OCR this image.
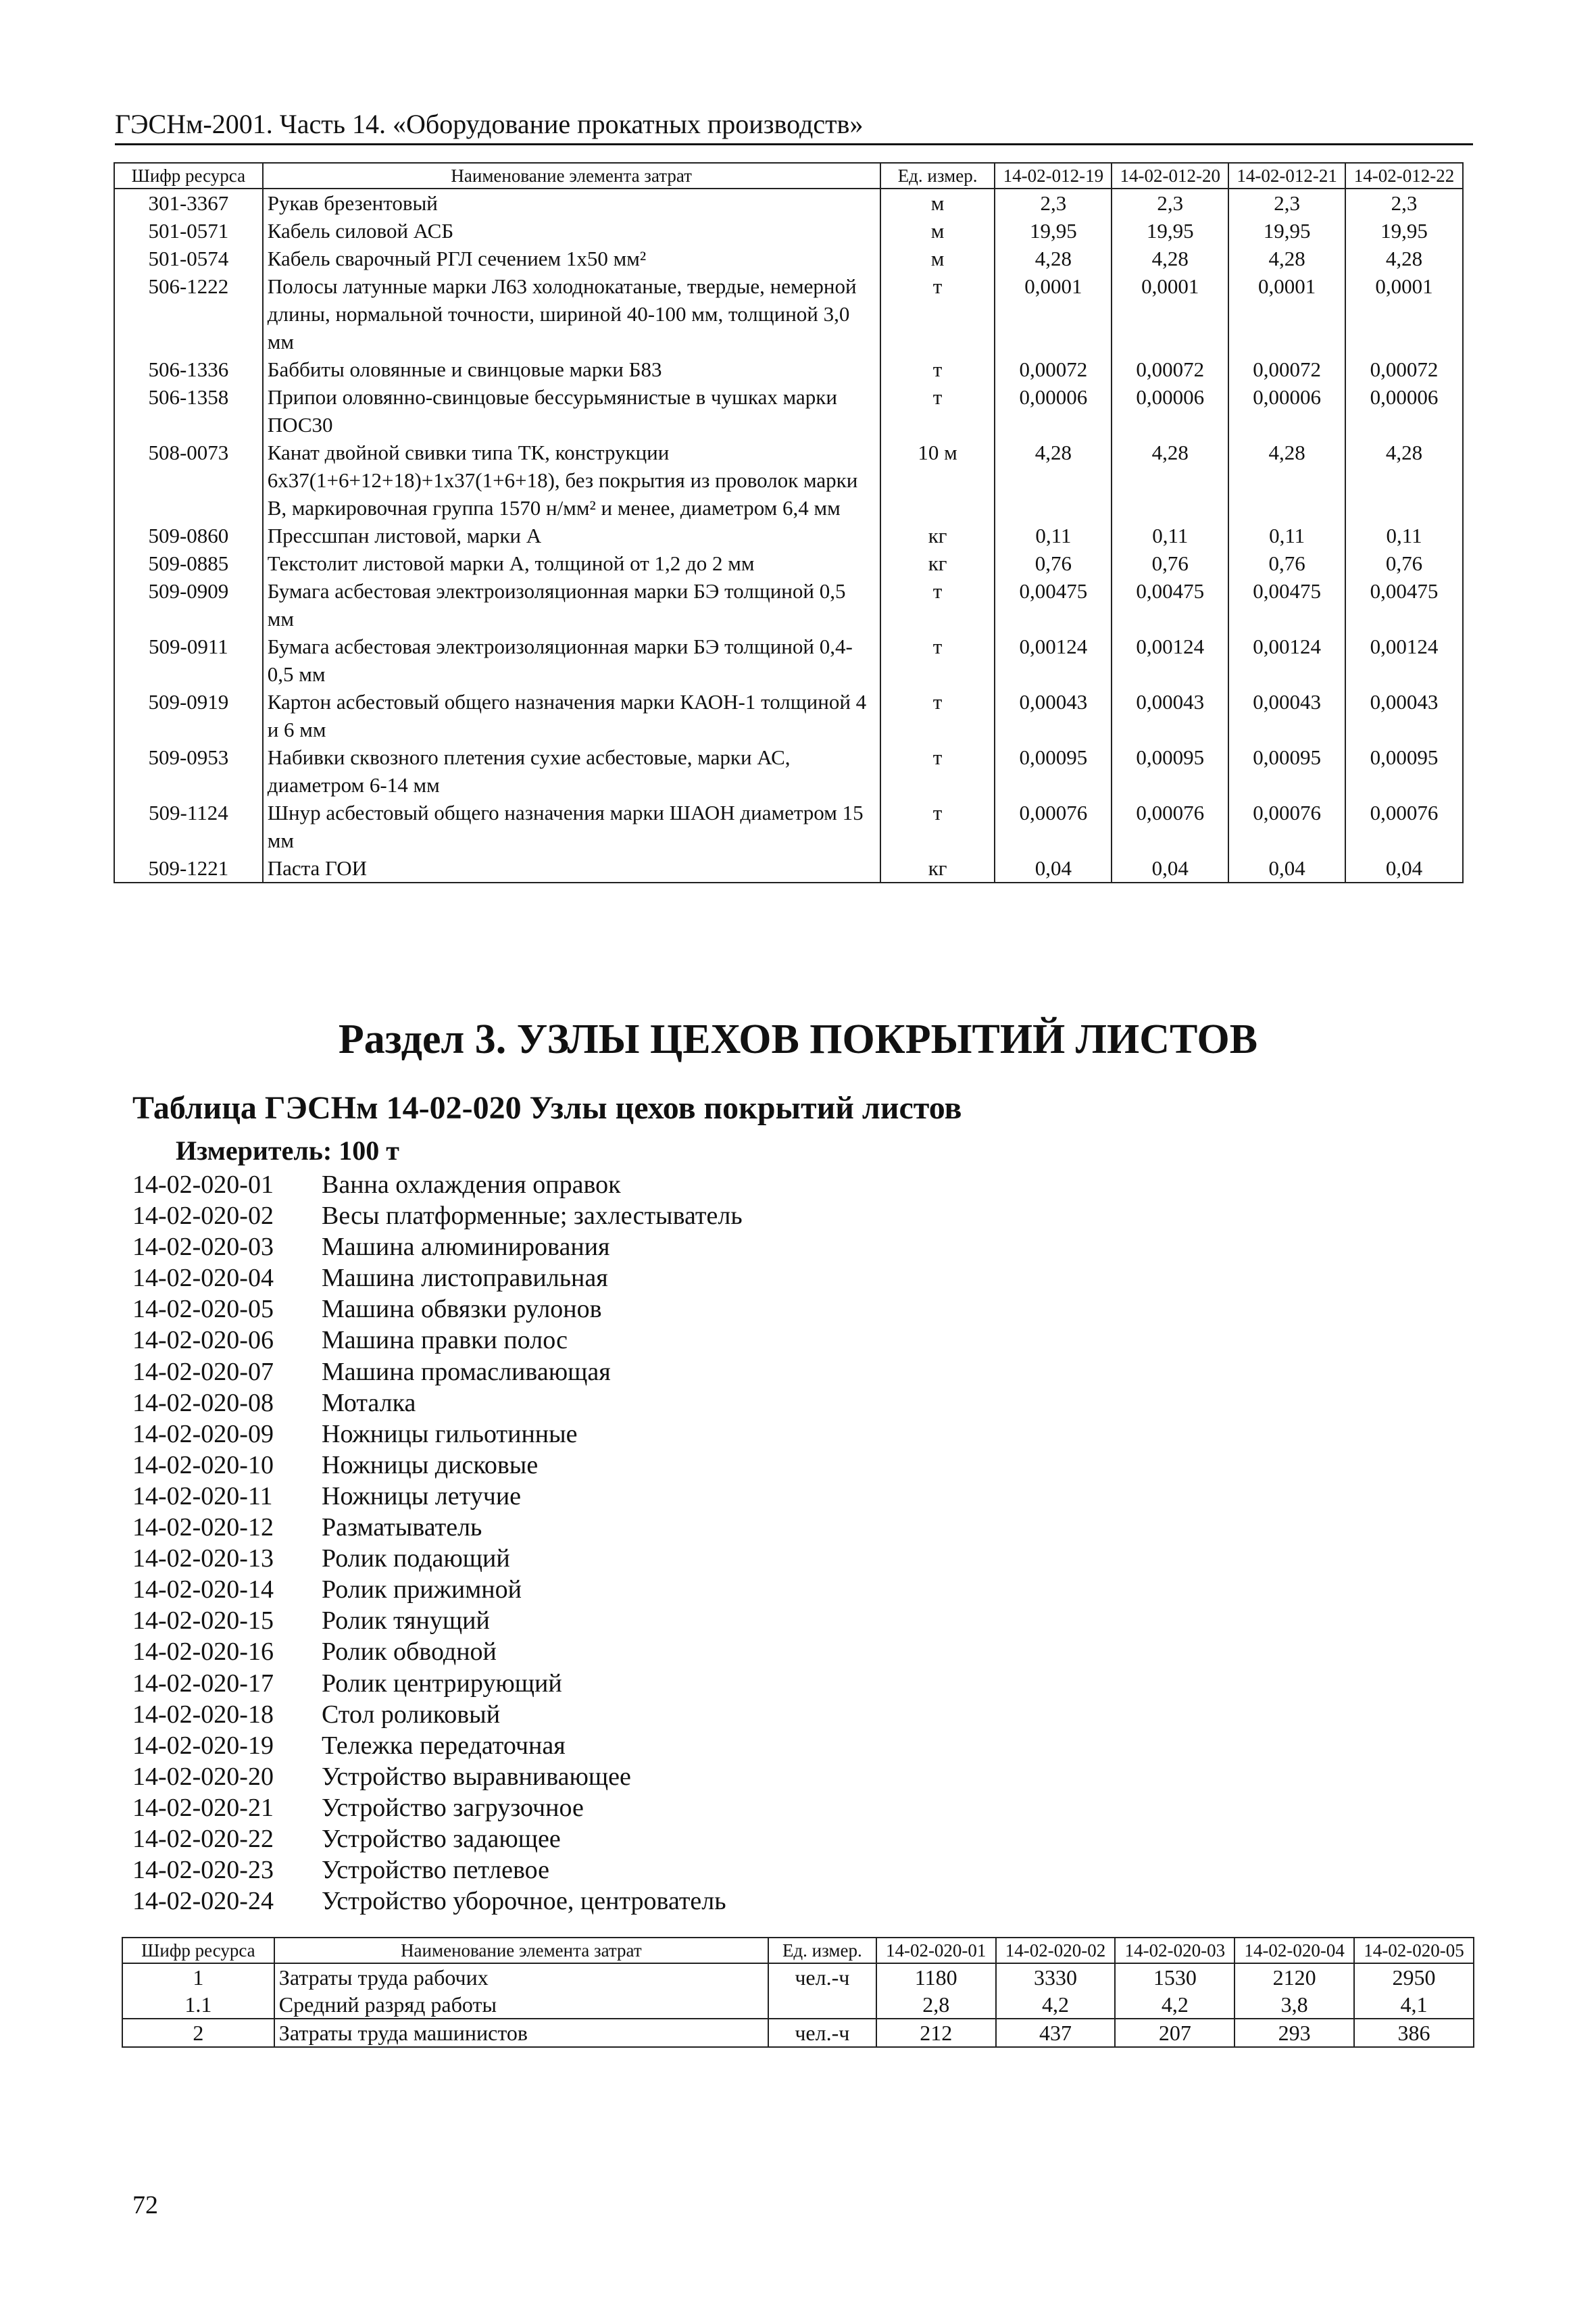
ГЭСНм-2001. Часть 14. «Оборудование прокатных производств»
Шифр ресурса	Наименование элемента затрат	Ед. измер.	14-02-012-19	14-02-012-20	14-02-012-21	14-02-012-22
301-3367	Рукав брезентовый	м	2,3	2,3	2,3	2,3
501-0571	Кабель силовой АСБ	м	19,95	19,95	19,95	19,95
501-0574	Кабель сварочный РГЛ сечением 1х50 мм²	м	4,28	4,28	4,28	4,28
506-1222	Полосы латунные марки Л63 холоднокатаные, твердые, немерной длины, нормальной точности, шириной 40-100 мм, толщиной 3,0 мм	т	0,0001	0,0001	0,0001	0,0001
506-1336	Баббиты оловянные и свинцовые марки Б83	т	0,00072	0,00072	0,00072	0,00072
506-1358	Припои оловянно-свинцовые бессурьмянистые в чушках марки ПОС30	т	0,00006	0,00006	0,00006	0,00006
508-0073	Канат двойной свивки типа ТК, конструкции 6х37(1+6+12+18)+1х37(1+6+18), без покрытия из проволок марки В, маркировочная группа 1570 н/мм² и менее, диаметром 6,4 мм	10 м	4,28	4,28	4,28	4,28
509-0860	Прессшпан листовой, марки А	кг	0,11	0,11	0,11	0,11
509-0885	Текстолит листовой марки А, толщиной от 1,2 до 2 мм	кг	0,76	0,76	0,76	0,76
509-0909	Бумага асбестовая электроизоляционная марки БЭ толщиной 0,5 мм	т	0,00475	0,00475	0,00475	0,00475
509-0911	Бумага асбестовая электроизоляционная марки БЭ толщиной 0,4-0,5 мм	т	0,00124	0,00124	0,00124	0,00124
509-0919	Картон асбестовый общего назначения марки КАОН-1 толщиной 4 и 6 мм	т	0,00043	0,00043	0,00043	0,00043
509-0953	Набивки сквозного плетения сухие асбестовые, марки АС, диаметром 6-14 мм	т	0,00095	0,00095	0,00095	0,00095
509-1124	Шнур асбестовый общего назначения марки ШАОН диаметром 15 мм	т	0,00076	0,00076	0,00076	0,00076
509-1221	Паста ГОИ	кг	0,04	0,04	0,04	0,04
Раздел 3. УЗЛЫ ЦЕХОВ ПОКРЫТИЙ ЛИСТОВ
Таблица ГЭСНм 14-02-020 Узлы цехов покрытий листов
Измеритель: 100 т
14-02-020-01 Ванна охлаждения оправок
14-02-020-02 Весы платформенные; захлестыватель
14-02-020-03 Машина алюминирования
14-02-020-04 Машина листоправильная
14-02-020-05 Машина обвязки рулонов
14-02-020-06 Машина правки полос
14-02-020-07 Машина промасливающая
14-02-020-08 Моталка
14-02-020-09 Ножницы гильотинные
14-02-020-10 Ножницы дисковые
14-02-020-11 Ножницы летучие
14-02-020-12 Разматыватель
14-02-020-13 Ролик подающий
14-02-020-14 Ролик прижимной
14-02-020-15 Ролик тянущий
14-02-020-16 Ролик обводной
14-02-020-17 Ролик центрирующий
14-02-020-18 Стол роликовый
14-02-020-19 Тележка передаточная
14-02-020-20 Устройство выравнивающее
14-02-020-21 Устройство загрузочное
14-02-020-22 Устройство задающее
14-02-020-23 Устройство петлевое
14-02-020-24 Устройство уборочное, центрователь
Шифр ресурса	Наименование элемента затрат	Ед. измер.	14-02-020-01	14-02-020-02	14-02-020-03	14-02-020-04	14-02-020-05
1	Затраты труда рабочих	чел.-ч	1180	3330	1530	2120	2950
1.1	Средний разряд работы		2,8	4,2	4,2	3,8	4,1
2	Затраты труда машинистов	чел.-ч	212	437	207	293	386
72
